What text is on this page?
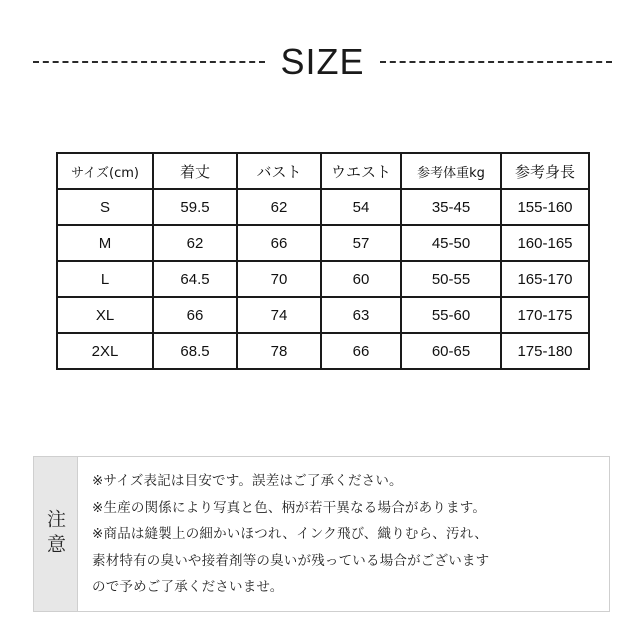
SIZE
サイズ(cm)	着丈	バスト	ウエスト	参考体重kg	参考身長
S	59.5	62	54	35-45	155-160
M	62	66	57	45-50	160-165
L	64.5	70	60	50-55	165-170
XL	66	74	63	55-60	170-175
2XL	68.5	78	66	60-65	175-180
注意
※サイズ表記は目安です。誤差はご了承ください。
※生産の関係により写真と色、柄が若干異なる場合があります。
※商品は縫製上の細かいほつれ、インク飛び、織りむら、汚れ、
素材特有の臭いや接着剤等の臭いが残っている場合がございます
ので予めご了承くださいませ。
